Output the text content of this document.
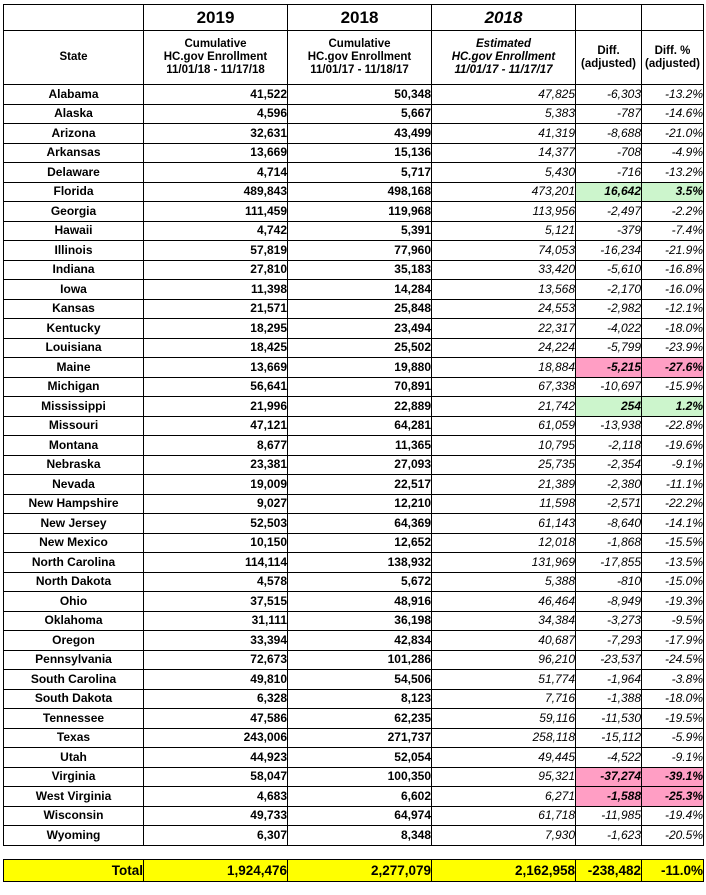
	2019	2018	2018		
State	Cumulative
HC.gov Enrollment
11/01/18 - 11/17/18	Cumulative
HC.gov Enrollment
11/01/17 - 11/18/17	Estimated
HC.gov Enrollment
11/01/17 - 11/17/17	Diff.
(adjusted)	Diff. %
(adjusted)

Alabama	41,522	50,348	47,825	-6,303	-13.2%
Alaska	4,596	5,667	5,383	-787	-14.6%
Arizona	32,631	43,499	41,319	-8,688	-21.0%
Arkansas	13,669	15,136	14,377	-708	-4.9%
Delaware	4,714	5,717	5,430	-716	-13.2%
Florida	489,843	498,168	473,201	16,642	3.5%
Georgia	111,459	119,968	113,956	-2,497	-2.2%
Hawaii	4,742	5,391	5,121	-379	-7.4%
Illinois	57,819	77,960	74,053	-16,234	-21.9%
Indiana	27,810	35,183	33,420	-5,610	-16.8%
Iowa	11,398	14,284	13,568	-2,170	-16.0%
Kansas	21,571	25,848	24,553	-2,982	-12.1%
Kentucky	18,295	23,494	22,317	-4,022	-18.0%
Louisiana	18,425	25,502	24,224	-5,799	-23.9%
Maine	13,669	19,880	18,884	-5,215	-27.6%
Michigan	56,641	70,891	67,338	-10,697	-15.9%
Mississippi	21,996	22,889	21,742	254	1.2%
Missouri	47,121	64,281	61,059	-13,938	-22.8%
Montana	8,677	11,365	10,795	-2,118	-19.6%
Nebraska	23,381	27,093	25,735	-2,354	-9.1%
Nevada	19,009	22,517	21,389	-2,380	-11.1%
New Hampshire	9,027	12,210	11,598	-2,571	-22.2%
New Jersey	52,503	64,369	61,143	-8,640	-14.1%
New Mexico	10,150	12,652	12,018	-1,868	-15.5%
North Carolina	114,114	138,932	131,969	-17,855	-13.5%
North Dakota	4,578	5,672	5,388	-810	-15.0%
Ohio	37,515	48,916	46,464	-8,949	-19.3%
Oklahoma	31,111	36,198	34,384	-3,273	-9.5%
Oregon	33,394	42,834	40,687	-7,293	-17.9%
Pennsylvania	72,673	101,286	96,210	-23,537	-24.5%
South Carolina	49,810	54,506	51,774	-1,964	-3.8%
South Dakota	6,328	8,123	7,716	-1,388	-18.0%
Tennessee	47,586	62,235	59,116	-11,530	-19.5%
Texas	243,006	271,737	258,118	-15,112	-5.9%
Utah	44,923	52,054	49,445	-4,522	-9.1%
Virginia	58,047	100,350	95,321	-37,274	-39.1%
West Virginia	4,683	6,602	6,271	-1,588	-25.3%
Wisconsin	49,733	64,974	61,718	-11,985	-19.4%
Wyoming	6,307	8,348	7,930	-1,623	-20.5%

Total	1,924,476	2,277,079	2,162,958	-238,482	-11.0%
